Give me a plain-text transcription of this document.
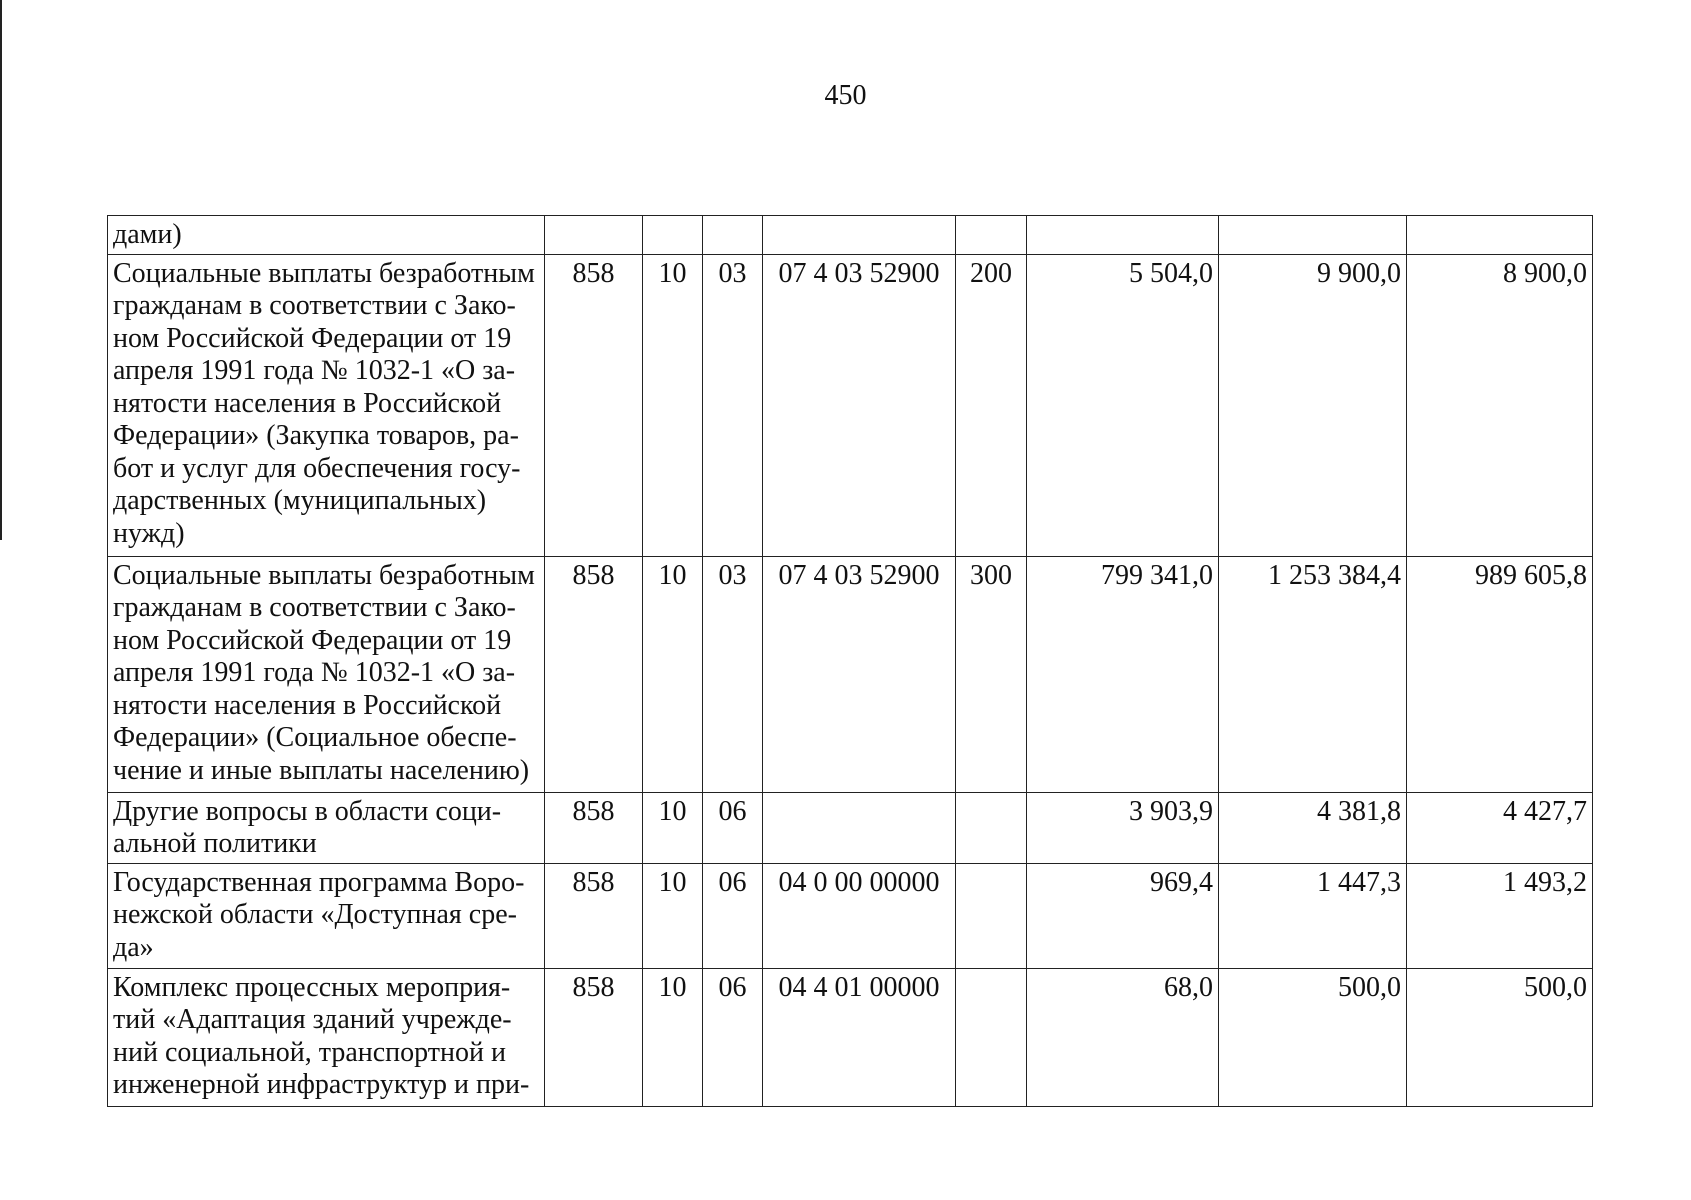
450
дами)								
Социальные выплаты безработным гражданам в соответствии с Зако-ном Российской Федерации от 19 апреля 1991 года № 1032-1 «О за-нятости населения в Российской Федерации» (Закупка товаров, ра-бот и услуг для обеспечения госу-дарственных (муниципальных) нужд)	858	10	03	07 4 03 52900	200	5 504,0	9 900,0	8 900,0
Социальные выплаты безработным гражданам в соответствии с Зако-ном Российской Федерации от 19 апреля 1991 года № 1032-1 «О за-нятости населения в Российской Федерации» (Социальное обеспе-чение и иные выплаты населению)	858	10	03	07 4 03 52900	300	799 341,0	1 253 384,4	989 605,8
Другие вопросы в области соци-альной политики	858	10	06			3 903,9	4 381,8	4 427,7
Государственная программа Воро-нежской области «Доступная сре-да»	858	10	06	04 0 00 00000		969,4	1 447,3	1 493,2
Комплекс процессных мероприя-тий «Адаптация зданий учрежде-ний социальной, транспортной и инженерной инфраструктур и при-	858	10	06	04 4 01 00000		68,0	500,0	500,0
